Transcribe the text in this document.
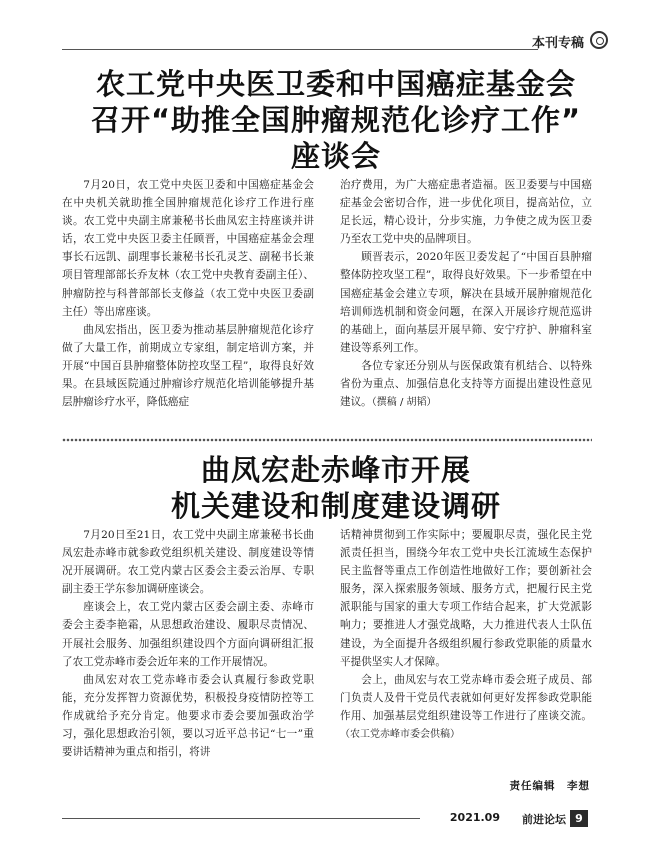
本刊专稿
农工党中央医卫委和中国癌症基金会
召开“助推全国肿瘤规范化诊疗工作”
座谈会

7月20日，农工党中央医卫委和中国癌症基金会在中央机关就助推全国肿瘤规范化诊疗工作进行座谈。农工党中央副主席兼秘书长曲凤宏主持座谈并讲话，农工党中央医卫委主任顾晋，中国癌症基金会理事长石远凯、副理事长兼秘书长孔灵芝、副秘书长兼项目管理部部长乔友林（农工党中央教育委副主任）、肿瘤防控与科普部部长支修益（农工党中央医卫委副主任）等出席座谈。

曲凤宏指出，医卫委为推动基层肿瘤规范化诊疗做了大量工作，前期成立专家组，制定培训方案，并开展“中国百县肿瘤整体防控攻坚工程”，取得良好效果。在县域医院通过肿瘤诊疗规范化培训能够提升基层肿瘤诊疗水平，降低癌症

治疗费用，为广大癌症患者造福。医卫委要与中国癌症基金会密切合作，进一步优化项目，提高站位，立足长远，精心设计，分步实施，力争使之成为医卫委乃至农工党中央的品牌项目。

顾晋表示，2020年医卫委发起了“中国百县肿瘤整体防控攻坚工程”，取得良好效果。下一步希望在中国癌症基金会建立专项，解决在县域开展肿瘤规范化培训师选机制和资金问题，在深入开展诊疗规范巡讲的基础上，面向基层开展早筛、安宁疗护、肿瘤科室建设等系列工作。

各位专家还分别从与医保政策有机结合、以特殊省份为重点、加强信息化支持等方面提出建设性意见建议。（撰稿 / 胡韬）

曲凤宏赴赤峰市开展
机关建设和制度建设调研

7月20日至21日，农工党中央副主席兼秘书长曲凤宏赴赤峰市就参政党组织机关建设、制度建设等情况开展调研。农工党内蒙古区委会主委云治厚、专职副主委王学东参加调研座谈会。

座谈会上，农工党内蒙古区委会副主委、赤峰市委会主委李艳霜，从思想政治建设、履职尽责情况、开展社会服务、加强组织建设四个方面向调研组汇报了农工党赤峰市委会近年来的工作开展情况。

曲凤宏对农工党赤峰市委会认真履行参政党职能，充分发挥智力资源优势，积极投身疫情防控等工作成就给予充分肯定。他要求市委会要加强政治学习，强化思想政治引领，要以习近平总书记“七一”重要讲话精神为重点和指引，将讲

话精神贯彻到工作实际中；要履职尽责，强化民主党派责任担当，围绕今年农工党中央长江流域生态保护民主监督等重点工作创造性地做好工作；要创新社会服务，深入探索服务领域、服务方式，把履行民主党派职能与国家的重大专项工作结合起来，扩大党派影响力；要推进人才强党战略，大力推进代表人士队伍建设，为全面提升各级组织履行参政党职能的质量水平提供坚实人才保障。

会上，曲凤宏与农工党赤峰市委会班子成员、部门负责人及骨干党员代表就如何更好发挥参政党职能作用、加强基层党组织建设等工作进行了座谈交流。（农工党赤峰市委会供稿）

责任编辑　李想
2021.09 前进论坛 9
